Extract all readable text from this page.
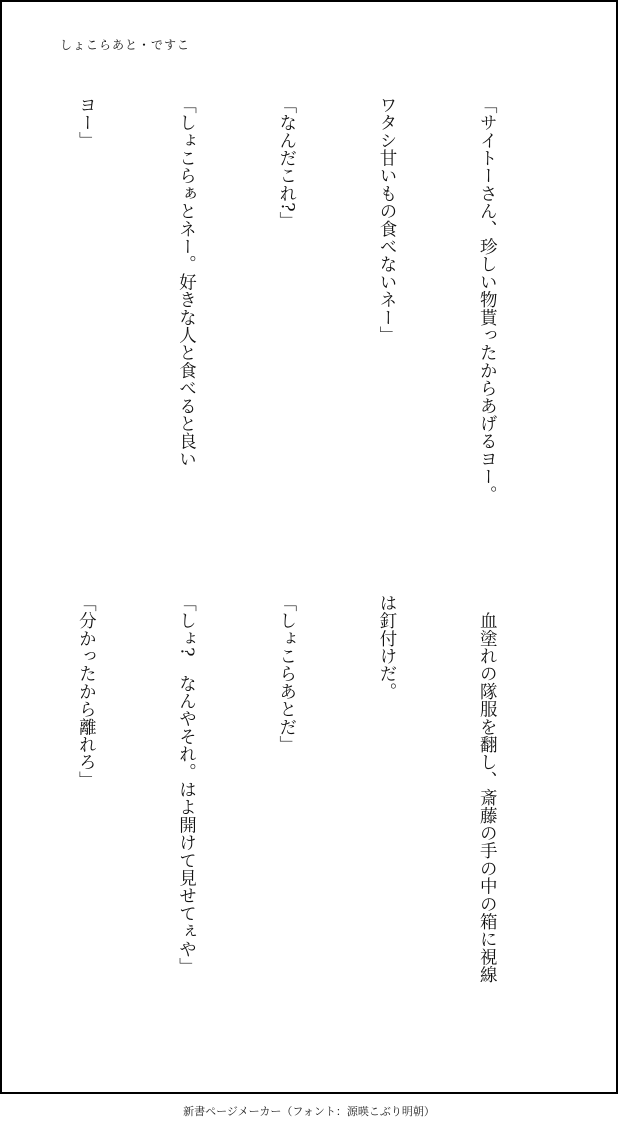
しょこらあと・ですこ

「サイトーさん、珍しい物貰ったからあげるヨー。

ワタシ甘いもの食べないネー」

「なんだこれ?」

「しょこらぁとネー。好きな人と食べると良い

ヨー」

　血塗れの隊服を翻し、斎藤の手の中の箱に視線

は釘付けだ。

「しょこらあとだ」

「しょ?　なんやそれ。はよ開けて見せてぇや」

「分かったから離れろ」

新書ページメーカー（フォント：源暎こぶり明朝）
